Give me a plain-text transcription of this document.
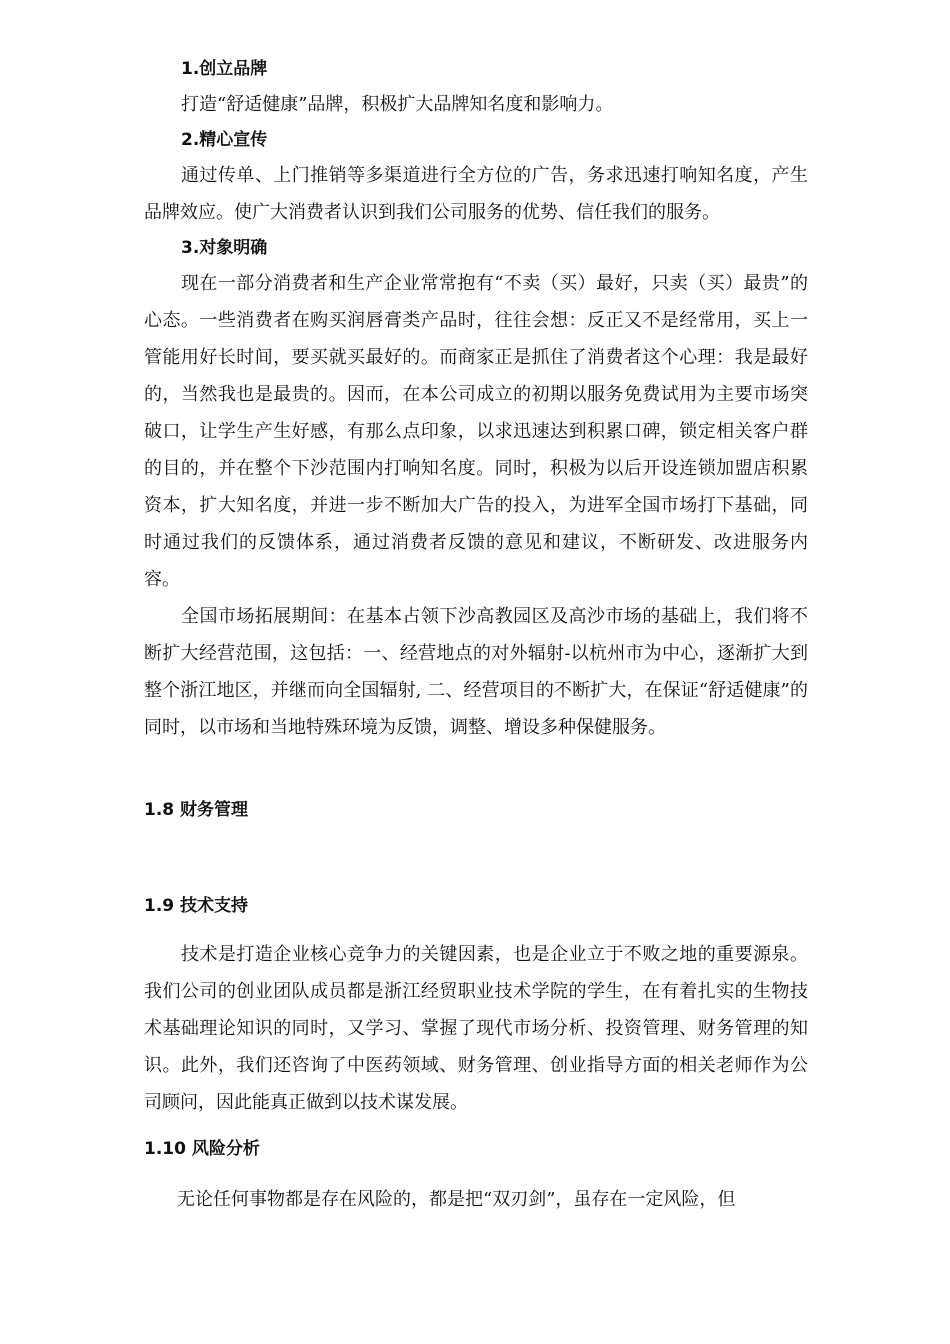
1.创立品牌

打造“舒适健康”品牌，积极扩大品牌知名度和影响力。

2.精心宣传

通过传单、上门推销等多渠道进行全方位的广告，务求迅速打响知名度，产生品牌效应。使广大消费者认识到我们公司服务的优势、信任我们的服务。

3.对象明确

现在一部分消费者和生产企业常常抱有“不卖（买）最好，只卖（买）最贵”的心态。一些消费者在购买润唇膏类产品时，往往会想：反正又不是经常用，买上一管能用好长时间，要买就买最好的。而商家正是抓住了消费者这个心理：我是最好的，当然我也是最贵的。因而，在本公司成立的初期以服务免费试用为主要市场突破口，让学生产生好感，有那么点印象，以求迅速达到积累口碑，锁定相关客户群的目的，并在整个下沙范围内打响知名度。同时，积极为以后开设连锁加盟店积累资本，扩大知名度，并进一步不断加大广告的投入，为进军全国市场打下基础，同时通过我们的反馈体系，通过消费者反馈的意见和建议，不断研发、改进服务内容。

全国市场拓展期间：在基本占领下沙高教园区及高沙市场的基础上，我们将不断扩大经营范围，这包括：一、经营地点的对外辐射-以杭州市为中心，逐渐扩大到整个浙江地区，并继而向全国辐射, 二、经营项目的不断扩大，在保证“舒适健康”的同时，以市场和当地特殊环境为反馈，调整、增设多种保健服务。

1.8 财务管理

1.9 技术支持

技术是打造企业核心竞争力的关键因素，也是企业立于不败之地的重要源泉。我们公司的创业团队成员都是浙江经贸职业技术学院的学生，在有着扎实的生物技术基础理论知识的同时，又学习、掌握了现代市场分析、投资管理、财务管理的知识。此外，我们还咨询了中医药领域、财务管理、创业指导方面的相关老师作为公司顾问，因此能真正做到以技术谋发展。

1.10 风险分析

无论任何事物都是存在风险的，都是把“双刃剑”，虽存在一定风险，但
